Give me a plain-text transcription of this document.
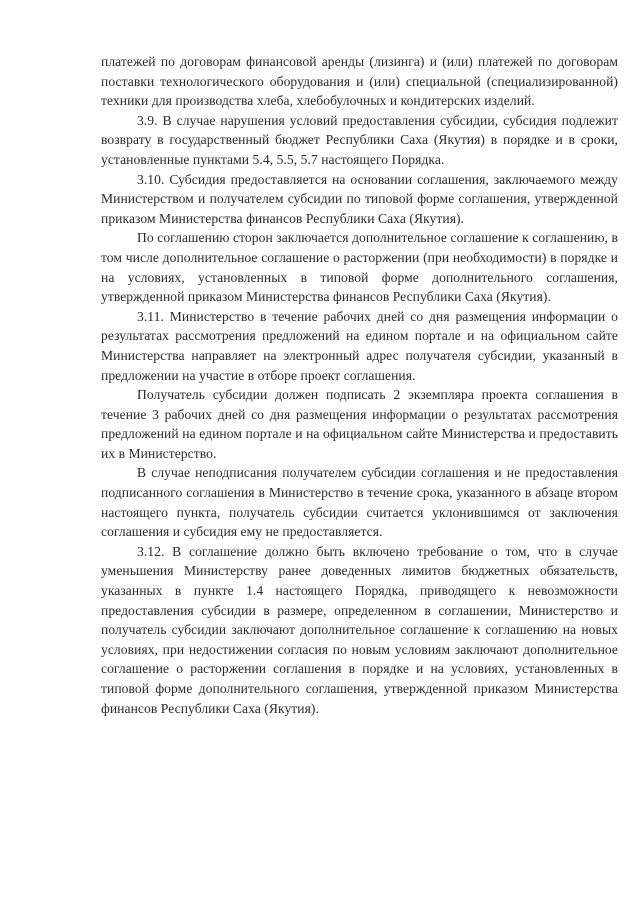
платежей по договорам финансовой аренды (лизинга) и (или) платежей по договорам поставки технологического оборудования и (или) специальной (специализированной) техники для производства хлеба, хлебобулочных и кондитерских изделий.

3.9. В случае нарушения условий предоставления субсидии, субсидия подлежит возврату в государственный бюджет Республики Саха (Якутия) в порядке и в сроки, установленные пунктами 5.4, 5.5, 5.7 настоящего Порядка.

3.10. Субсидия предоставляется на основании соглашения, заключаемого между Министерством и получателем субсидии по типовой форме соглашения, утвержденной приказом Министерства финансов Республики Саха (Якутия).

По соглашению сторон заключается дополнительное соглашение к соглашению, в том числе дополнительное соглашение о расторжении (при необходимости) в порядке и на условиях, установленных в типовой форме дополнительного соглашения, утвержденной приказом Министерства финансов Республики Саха (Якутия).

3.11. Министерство в течение рабочих дней со дня размещения информации о результатах рассмотрения предложений на едином портале и на официальном сайте Министерства направляет на электронный адрес получателя субсидии, указанный в предложении на участие в отборе проект соглашения.

Получатель субсидии должен подписать 2 экземпляра проекта соглашения в течение 3 рабочих дней со дня размещения информации о результатах рассмотрения предложений на едином портале и на официальном сайте Министерства и предоставить их в Министерство.

В случае неподписания получателем субсидии соглашения и не предоставления подписанного соглашения в Министерство в течение срока, указанного в абзаце втором настоящего пункта, получатель субсидии считается уклонившимся от заключения соглашения и субсидия ему не предоставляется.

3.12. В соглашение должно быть включено требование о том, что в случае уменьшения Министерству ранее доведенных лимитов бюджетных обязательств, указанных в пункте 1.4 настоящего Порядка, приводящего к невозможности предоставления субсидии в размере, определенном в соглашении, Министерство и получатель субсидии заключают дополнительное соглашение к соглашению на новых условиях, при недостижении согласия по новым условиям заключают дополнительное соглашение о расторжении соглашения в порядке и на условиях, установленных в типовой форме дополнительного соглашения, утвержденной приказом Министерства финансов Республики Саха (Якутия).
